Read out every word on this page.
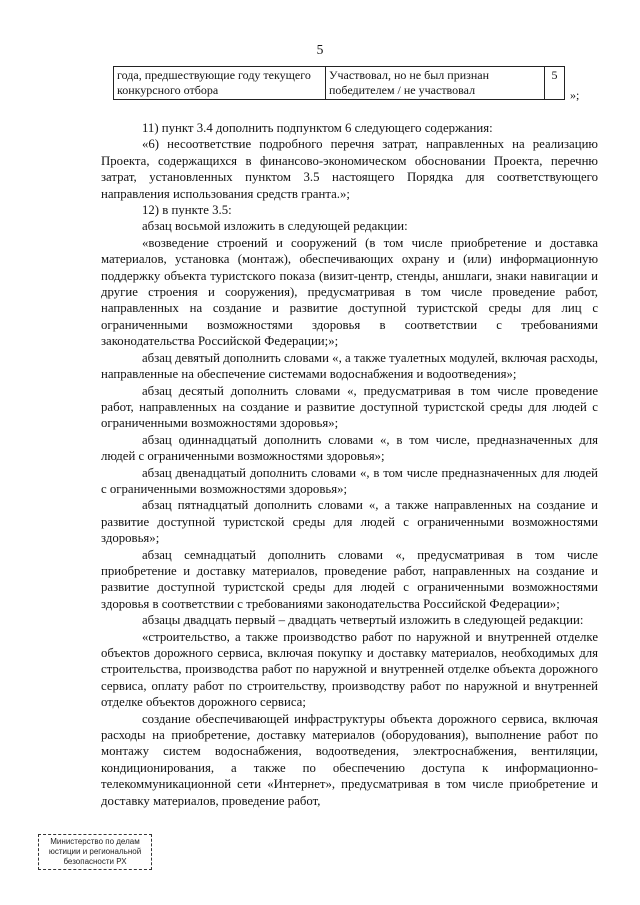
5
года, предшествующие году текущего конкурсного отбора	Участвовал, но не был признан победителем / не участвовал	5
»;

11) пункт 3.4 дополнить подпунктом 6 следующего содержания:

«6) несоответствие подробного перечня затрат, направленных на реализацию Проекта, содержащихся в финансово-экономическом обосновании Проекта, перечню затрат, установленных пунктом 3.5 настоящего Порядка для соответствующего направления использования средств гранта.»;

12) в пункте 3.5:

абзац восьмой изложить в следующей редакции:

«возведение строений и сооружений (в том числе приобретение и доставка материалов, установка (монтаж), обеспечивающих охрану и (или) информационную поддержку объекта туристского показа (визит-центр, стенды, аншлаги, знаки навигации и другие строения и сооружения), предусматривая в том числе проведение работ, направленных на создание и развитие доступной туристской среды для лиц с ограниченными возможностями здоровья в соответствии с требованиями законодательства Российской Федерации;»;

абзац девятый дополнить словами «, а также туалетных модулей, включая расходы, направленные на обеспечение системами водоснабжения и водоотведения»;

абзац десятый дополнить словами «, предусматривая в том числе проведение работ, направленных на создание и развитие доступной туристской среды для людей с ограниченными возможностями здоровья»;

абзац одиннадцатый дополнить словами «, в том числе, предназначенных для людей с ограниченными возможностями здоровья»;

абзац двенадцатый дополнить словами «, в том числе предназначенных для людей с ограниченными возможностями здоровья»;

абзац пятнадцатый дополнить словами «, а также направленных на создание и развитие доступной туристской среды для людей с ограниченными возможностями здоровья»;

абзац семнадцатый дополнить словами «, предусматривая в том числе приобретение и доставку материалов, проведение работ, направленных на создание и развитие доступной туристской среды для людей с ограниченными возможностями здоровья в соответствии с требованиями законодательства Российской Федерации»;

абзацы двадцать первый – двадцать четвертый изложить в следующей редакции:

«строительство, а также производство работ по наружной и внутренней отделке объектов дорожного сервиса, включая покупку и доставку материалов, необходимых для строительства, производства работ по наружной и внутренней отделке объекта дорожного сервиса, оплату работ по строительству, производству работ по наружной и внутренней отделке объектов дорожного сервиса;

создание обеспечивающей инфраструктуры объекта дорожного сервиса, включая расходы на приобретение, доставку материалов (оборудования), выполнение работ по монтажу систем водоснабжения, водоотведения, электроснабжения, вентиляции, кондиционирования, а также по обеспечению доступа к информационно-телекоммуникационной сети «Интернет», предусматривая в том числе приобретение и доставку материалов, проведение работ,

Министерство по делам
юстиции и региональной
безопасности РХ
